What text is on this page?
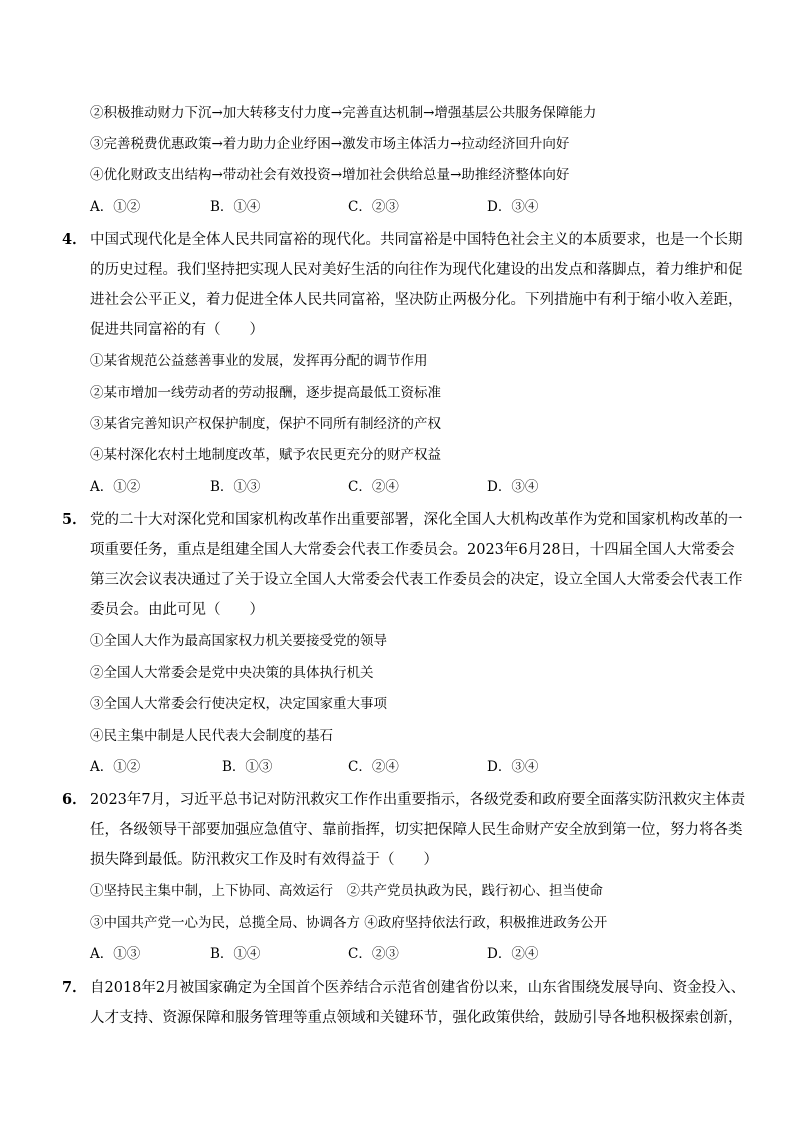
②积极推动财力下沉→加大转移支付力度→完善直达机制→增强基层公共服务保障能力
③完善税费优惠政策→着力助力企业纾困→激发市场主体活力→拉动经济回升向好
④优化财政支出结构→带动社会有效投资→增加社会供给总量→助推经济整体向好
A．①②	B．①④	C．②③	D．③④
4． 中国式现代化是全体人民共同富裕的现代化。共同富裕是中国特色社会主义的本质要求，也是一个长期
的历史过程。我们坚持把实现人民对美好生活的向往作为现代化建设的出发点和落脚点，着力维护和促
进社会公平正义，着力促进全体人民共同富裕，坚决防止两极分化。下列措施中有利于缩小收入差距，
促进共同富裕的有（　　）
①某省规范公益慈善事业的发展，发挥再分配的调节作用
②某市增加一线劳动者的劳动报酬，逐步提高最低工资标准
③某省完善知识产权保护制度，保护不同所有制经济的产权
④某村深化农村土地制度改革，赋予农民更充分的财产权益
A．①②	B．①③	C．②④	D．③④
5． 党的二十大对深化党和国家机构改革作出重要部署，深化全国人大机构改革作为党和国家机构改革的一
项重要任务，重点是组建全国人大常委会代表工作委员会。2023年6月28日，十四届全国人大常委会
第三次会议表决通过了关于设立全国人大常委会代表工作委员会的决定，设立全国人大常委会代表工作
委员会。由此可见（　　）
①全国人大作为最高国家权力机关要接受党的领导
②全国人大常委会是党中央决策的具体执行机关
③全国人大常委会行使决定权，决定国家重大事项
④民主集中制是人民代表大会制度的基石
A．①②	B．①③	C．②④	D．③④
6． 2023年7月，习近平总书记对防汛救灾工作作出重要指示，各级党委和政府要全面落实防汛救灾主体责
任，各级领导干部要加强应急值守、靠前指挥，切实把保障人民生命财产安全放到第一位，努力将各类
损失降到最低。防汛救灾工作及时有效得益于（　　）
①坚持民主集中制，上下协同、高效运行　②共产党员执政为民，践行初心、担当使命
③中国共产党一心为民，总揽全局、协调各方 ④政府坚持依法行政，积极推进政务公开
A．①③	B．①④	C．②③	D．②④
7． 自2018年2月被国家确定为全国首个医养结合示范省创建省份以来，山东省围绕发展导向、资金投入、
人才支持、资源保障和服务管理等重点领域和关键环节，强化政策供给，鼓励引导各地积极探索创新，
